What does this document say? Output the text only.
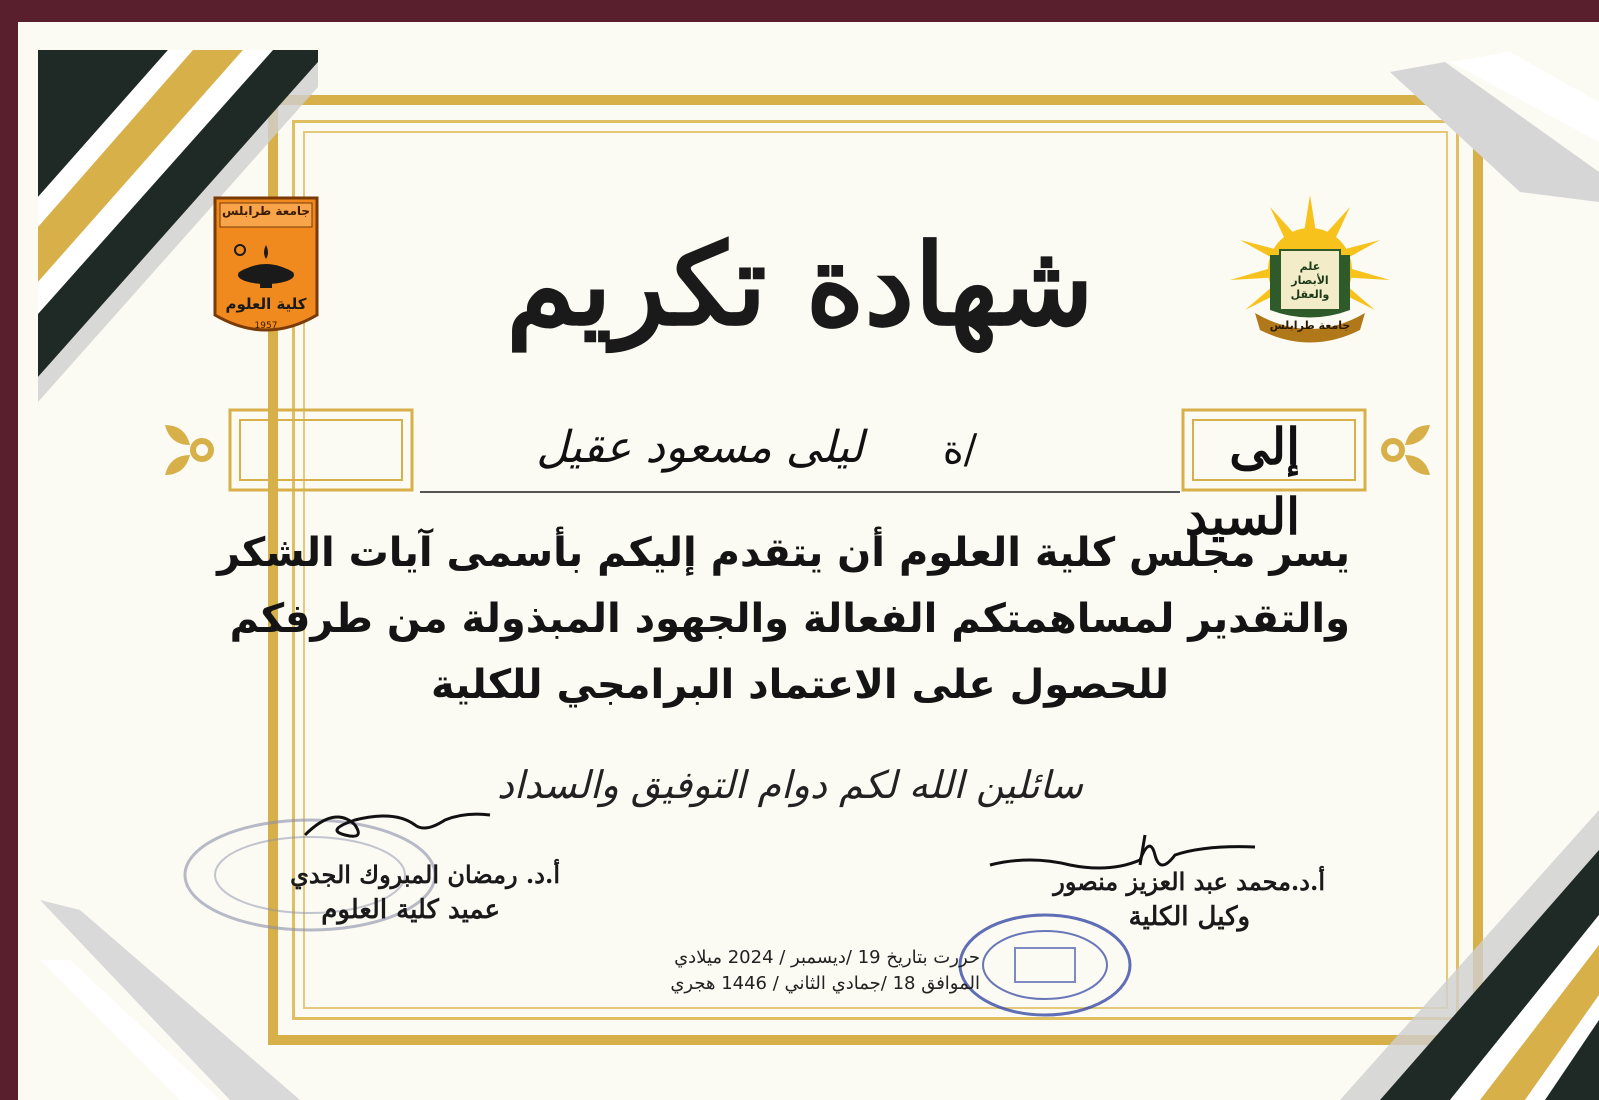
جامعة طرابلس
كلية العلوم
1957
علم الأبصار والعقل
جامعة طرابلس
شهادة تكريم
إلى السيد
/ة
ليلى مسعود عقيل
يسر مجلس كلية العلوم أن يتقدم إليكم بأسمى آيات الشكر
والتقدير لمساهمتكم الفعالة والجهود المبذولة من طرفكم
للحصول على الاعتماد البرامجي للكلية
سائلين الله لكم دوام التوفيق والسداد
أ.د. رمضان المبروك الجدي
عميد كلية العلوم
أ.د.محمد عبد العزيز منصور
وكيل الكلية
حررت بتاريخ 19 /ديسمبر / 2024 ميلادي
الموافق 18 /جمادي الثاني / 1446 هجري
